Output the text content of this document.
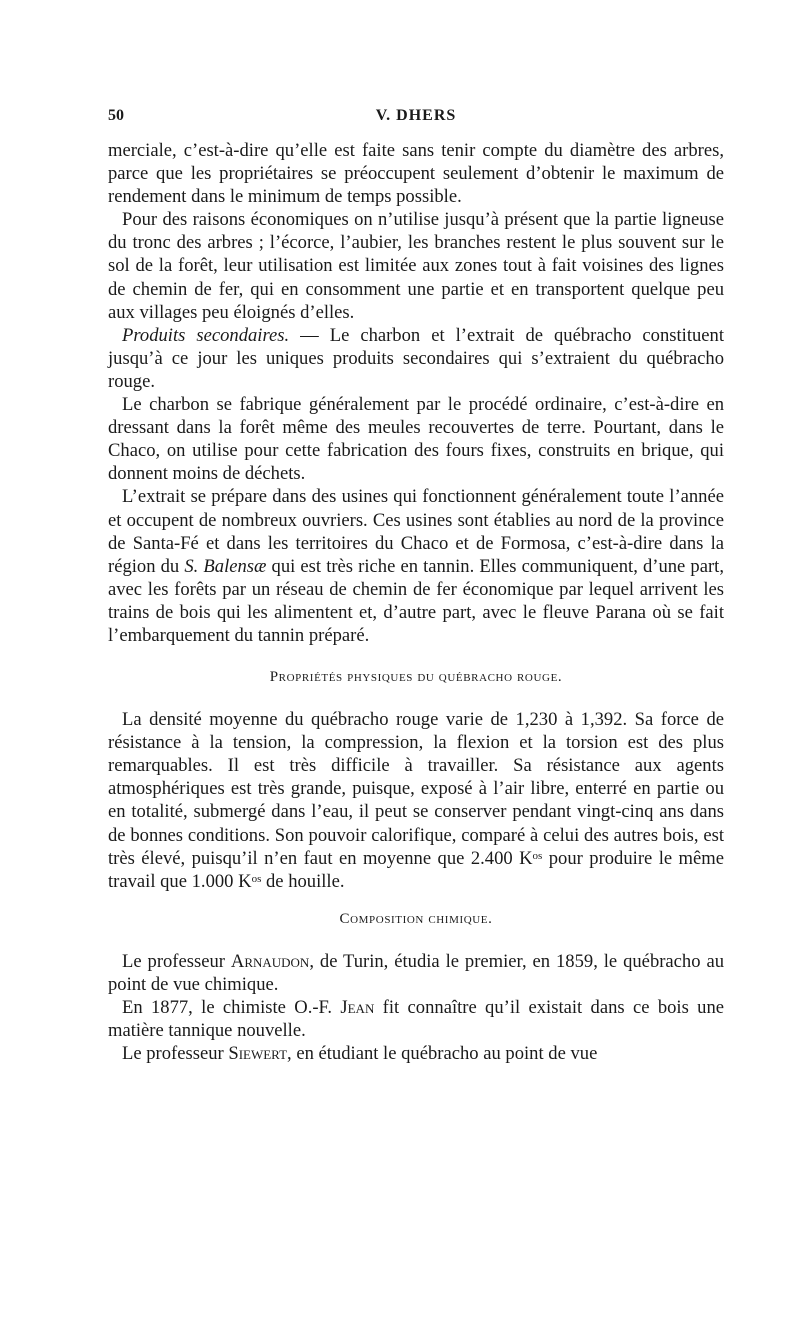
50	V. DHERS

merciale, c’est-à-dire qu’elle est faite sans tenir compte du diamètre des arbres, parce que les propriétaires se préoccupent seulement d’obtenir le maximum de rendement dans le minimum de temps possible.

Pour des raisons économiques on n’utilise jusqu’à présent que la partie ligneuse du tronc des arbres ; l’écorce, l’aubier, les branches restent le plus souvent sur le sol de la forêt, leur utilisation est limitée aux zones tout à fait voisines des lignes de chemin de fer, qui en consomment une partie et en transportent quelque peu aux villages peu éloignés d’elles.

Produits secondaires. — Le charbon et l’extrait de québracho constituent jusqu’à ce jour les uniques produits secondaires qui s’extraient du québracho rouge.

Le charbon se fabrique généralement par le procédé ordinaire, c’est-à-dire en dressant dans la forêt même des meules recouvertes de terre. Pourtant, dans le Chaco, on utilise pour cette fabrication des fours fixes, construits en brique, qui donnent moins de déchets.

L’extrait se prépare dans des usines qui fonctionnent généralement toute l’année et occupent de nombreux ouvriers. Ces usines sont établies au nord de la province de Santa-Fé et dans les territoires du Chaco et de Formosa, c’est-à-dire dans la région du S. Balensæ qui est très riche en tannin. Elles communiquent, d’une part, avec les forêts par un réseau de chemin de fer économique par lequel arrivent les trains de bois qui les alimentent et, d’autre part, avec le fleuve Parana où se fait l’embarquement du tannin préparé.

Propriétés physiques du québracho rouge.

La densité moyenne du québracho rouge varie de 1,230 à 1,392. Sa force de résistance à la tension, la compression, la flexion et la torsion est des plus remarquables. Il est très difficile à travailler. Sa résistance aux agents atmosphériques est très grande, puisque, exposé à l’air libre, enterré en partie ou en totalité, submergé dans l’eau, il peut se conserver pendant vingt-cinq ans dans de bonnes conditions. Son pouvoir calorifique, comparé à celui des autres bois, est très élevé, puisqu’il n’en faut en moyenne que 2.400 $K^{os}$ pour produire le même travail que 1.000 $K^{os}$ de houille.

Composition chimique.

Le professeur Arnaudon, de Turin, étudia le premier, en 1859, le québracho au point de vue chimique.

En 1877, le chimiste O.-F. Jean fit connaître qu’il existait dans ce bois une matière tannique nouvelle.

Le professeur Siewert, en étudiant le québracho au point de vue
